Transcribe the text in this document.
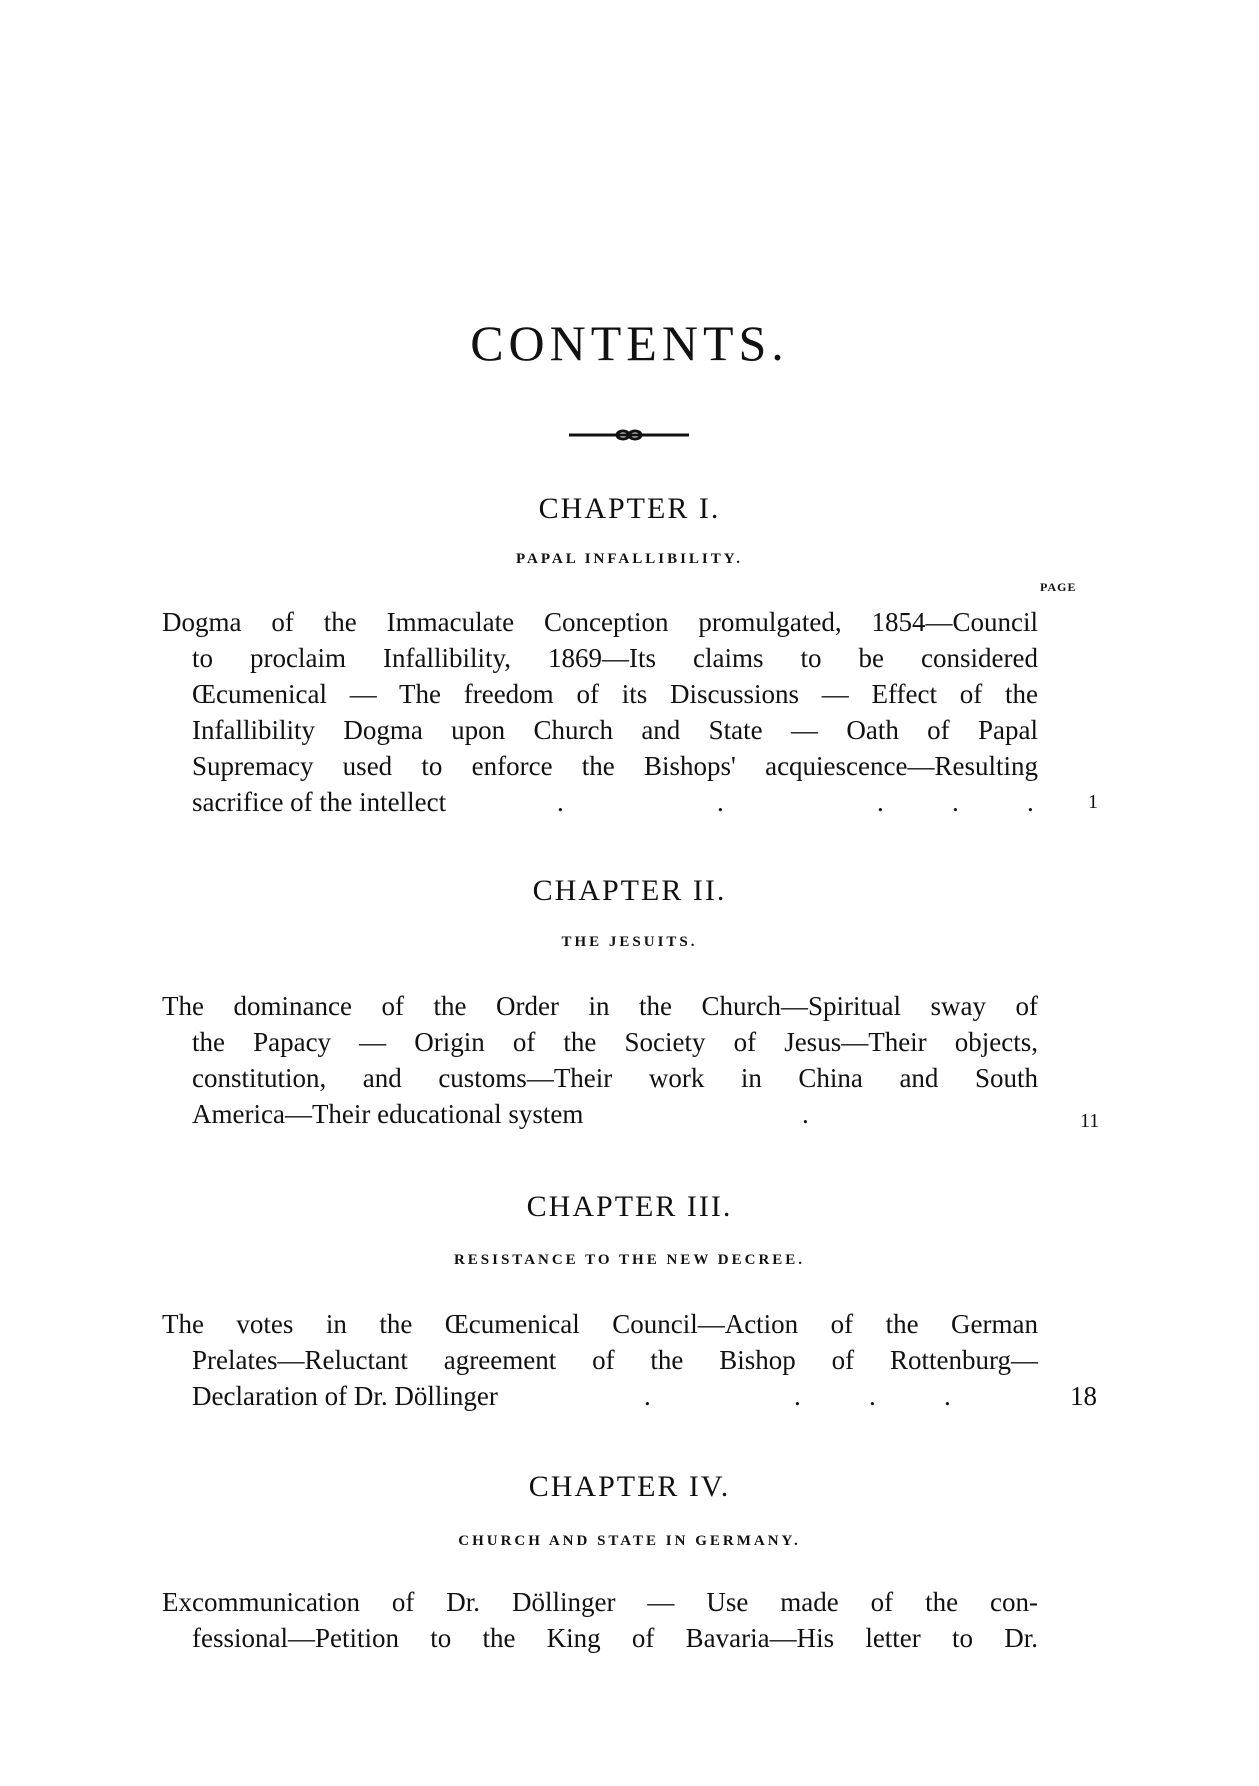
CONTENTS.
CHAPTER I.
PAPAL INFALLIBILITY.
PAGE
Dogma of the Immaculate Conception promulgated, 1854—Council
to proclaim Infallibility, 1869—Its claims to be considered
Œcumenical — The freedom of its Discussions — Effect of the
Infallibility Dogma upon Church and State — Oath of Papal
Supremacy used to enforce the Bishops' acquiescence—Resulting
sacrifice of the intellect	.	.	.	.	.	1
CHAPTER II.
THE JESUITS.
The dominance of the Order in the Church—Spiritual sway of
the Papacy — Origin of the Society of Jesus—Their objects,
constitution, and customs—Their work in China and South
America—Their educational system	.	11
CHAPTER III.
RESISTANCE TO THE NEW DECREE.
The votes in the Œcumenical Council—Action of the German
Prelates—Reluctant agreement of the Bishop of Rottenburg—
Declaration of Dr. Döllinger	.	.	.	.	18
CHAPTER IV.
CHURCH AND STATE IN GERMANY.
Excommunication of Dr. Döllinger — Use made of the con-
fessional—Petition to the King of Bavaria—His letter to Dr.
